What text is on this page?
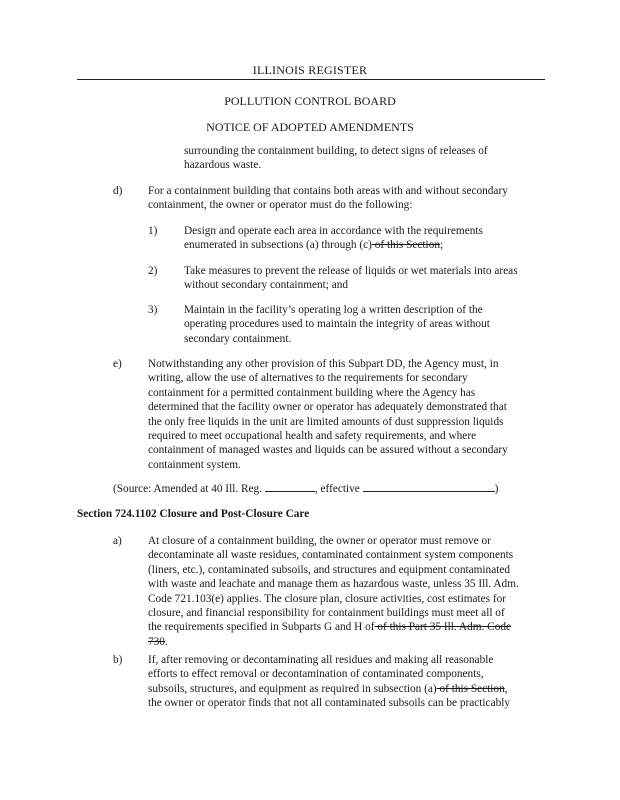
ILLINOIS REGISTER
POLLUTION CONTROL BOARD
NOTICE OF ADOPTED AMENDMENTS
surrounding the containment building, to detect signs of releases of
hazardous waste.
d) For a containment building that contains both areas with and without secondary
containment, the owner or operator must do the following:
1) Design and operate each area in accordance with the requirements
enumerated in subsections (a) through (c) of this Section;
2) Take measures to prevent the release of liquids or wet materials into areas
without secondary containment; and
3) Maintain in the facility’s operating log a written description of the
operating procedures used to maintain the integrity of areas without
secondary containment.
e) Notwithstanding any other provision of this Subpart DD, the Agency must, in
writing, allow the use of alternatives to the requirements for secondary
containment for a permitted containment building where the Agency has
determined that the facility owner or operator has adequately demonstrated that
the only free liquids in the unit are limited amounts of dust suppression liquids
required to meet occupational health and safety requirements, and where
containment of managed wastes and liquids can be assured without a secondary
containment system.
(Source: Amended at 40 Ill. Reg.	, effective	)
Section 724.1102 Closure and Post-Closure Care
a) At closure of a containment building, the owner or operator must remove or
decontaminate all waste residues, contaminated containment system components
(liners, etc.), contaminated subsoils, and structures and equipment contaminated
with waste and leachate and manage them as hazardous waste, unless 35 Ill. Adm.
Code 721.103(e) applies. The closure plan, closure activities, cost estimates for
closure, and financial responsibility for containment buildings must meet all of
the requirements specified in Subparts G and H of of this Part 35 Ill. Adm. Code
730.
b) If, after removing or decontaminating all residues and making all reasonable
efforts to effect removal or decontamination of contaminated components,
subsoils, structures, and equipment as required in subsection (a) of this Section,
the owner or operator finds that not all contaminated subsoils can be practicably
